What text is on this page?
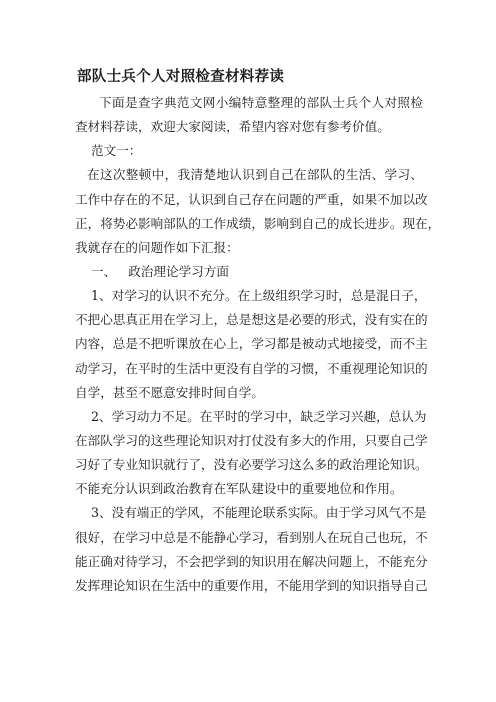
部队士兵个人对照检查材料荐读
下面是查字典范文网小编特意整理的部队士兵个人对照检
查材料荐读，欢迎大家阅读，希望内容对您有参考价值。
范文一：
在这次整顿中，我清楚地认识到自己在部队的生活、学习、
工作中存在的不足，认识到自己存在问题的严重，如果不加以改
正，将势必影响部队的工作成绩，影响到自己的成长进步。现在，
我就存在的问题作如下汇报：
一、 政治理论学习方面
1、对学习的认识不充分。在上级组织学习时，总是混日子，
不把心思真正用在学习上，总是想这是必要的形式，没有实在的
内容，总是不把听课放在心上，学习都是被动式地接受，而不主
动学习，在平时的生活中更没有自学的习惯，不重视理论知识的
自学，甚至不愿意安排时间自学。
2、学习动力不足。在平时的学习中，缺乏学习兴趣，总认为
在部队学习的这些理论知识对打仗没有多大的作用，只要自己学
习好了专业知识就行了，没有必要学习这么多的政治理论知识。
不能充分认识到政治教育在军队建设中的重要地位和作用。
3、没有端正的学风，不能理论联系实际。由于学习风气不是
很好，在学习中总是不能静心学习，看到别人在玩自己也玩，不
能正确对待学习，不会把学到的知识用在解决问题上，不能充分
发挥理论知识在生活中的重要作用，不能用学到的知识指导自己
